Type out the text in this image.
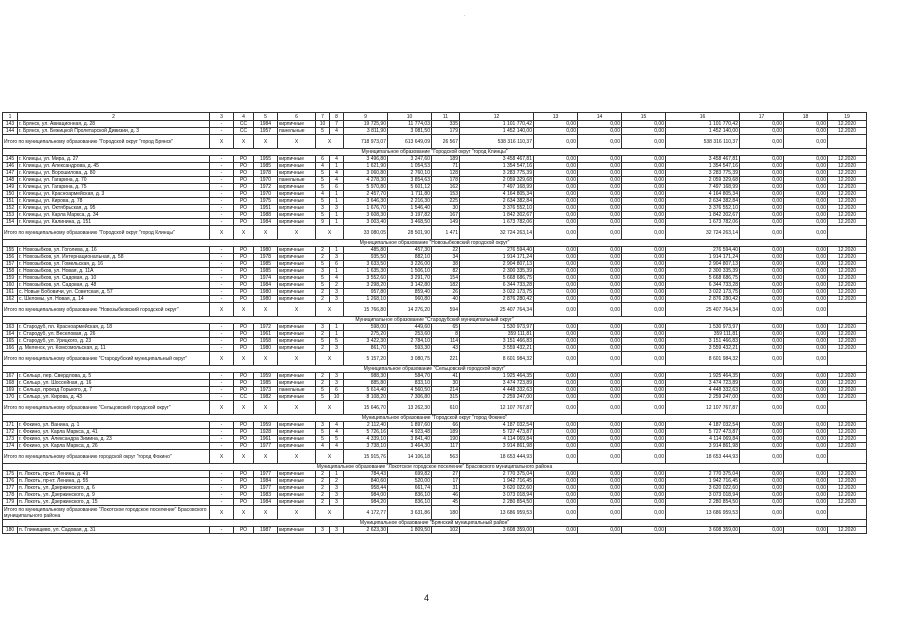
·
1	2	3	4	5	6	7	8	9	10	11	12	13	14	15	16	17	18	19
143	г. Брянск, ул. Авиационная, д. 28	-	СС	1984	кирпичные	10	7	19 725,90	11 774,03	335	1 101 770,42	0,00	0,00	0,00	1 101 770,42	0,00	0,00	12.2020
144	г. Брянск, ул. Бежицкой Пролетарской Дивизии, д. 3	-	СС	1957	панельные	5	4	3 811,90	3 081,50	179	1 452 140,00	0,00	0,00	0,00	1 452 140,00	0,00	0,00	12.2020
Итого по муниципальному образованию "Городской округ "город Брянск"		X	X	X	X	X		718 973,07	613 649,09	26 567	538 316 110,37	0,00	0,00	0,00	538 316 110,37	0,00	0,00	
Муниципальное образование "Городской округ "город Клинцы"																		
145	г. Клинцы, ул. Мира, д. 27	-	РО	1955	кирпичные	6	4	3 496,80	3 247,60	189	3 458 467,81	0,00	0,00	0,00	3 458 467,81	0,00	0,00	12.2020
146	г. Клинцы, ул. Александрова, д. 45	-	РО	1985	кирпичные	4	1	1 621,90	1 054,53	71	1 354 547,16	0,00	0,00	0,00	1 354 547,16	0,00	0,00	12.2020
147	г. Клинцы, ул. Ворошилова, д. 80	-	РО	1978	кирпичные	5	4	3 060,80	2 760,10	128	3 283 775,39	0,00	0,00	0,00	3 283 775,39	0,00	0,00	12.2020
148	г. Клинцы, ул. Гагарина, д. 70	-	РО	1970	панельные	5	4	4 278,30	3 854,63	178	2 059 329,68	0,00	0,00	0,00	2 059 329,68	0,00	0,00	12.2020
149	г. Клинцы, ул. Гагарина, д. 75	-	РО	1972	кирпичные	5	6	5 970,80	5 601,12	162	7 497 168,99	0,00	0,00	0,00	7 497 168,99	0,00	0,00	12.2020
150	г. Клинцы, ул. Красноармейская, д. 3	-	РО	1970	кирпичные	4	1	2 457,70	1 711,80	153	4 164 805,34	0,00	0,00	0,00	4 164 805,34	0,00	0,00	12.2020
151	г. Клинцы, ул. Кирова, д. 78	-	РО	1975	кирпичные	5	1	3 646,30	2 216,30	225	2 634 382,84	0,00	0,00	0,00	2 634 382,84	0,00	0,00	12.2020
152	г. Клинцы, ул. Октябрьская, д. 95	-	РО	1951	кирпичные	3	3	1 676,70	1 546,40	30	3 376 552,10	0,00	0,00	0,00	3 376 552,10	0,00	0,00	12.2020
153	г. Клинцы, ул. Карла Маркса, д. 34	-	РО	1988	кирпичные	5	1	3 608,30	3 197,82	167	1 842 302,67	0,00	0,00	0,00	1 842 302,67	0,00	0,00	12.2020
154	г. Клинцы, ул. Калинина, д. 151	-	РО	1984	кирпичные	9	1	3 003,40	3 468,50	149	1 673 782,06	0,00	0,00	0,00	1 673 782,06	0,00	0,00	12.2020
Итого по муниципальному образованию "Городской округ "город Клинцы"		X	X	X	X	X		33 080,05	28 501,90	1 471	32 724 263,14	0,00	0,00	0,00	32 724 263,14	0,00	0,00	
Муниципальное образование "Новозыбковский городской округ"																		
155	г. Новозыбков, ул. Гоголева, д. 16	-	РО	1980	кирпичные	2	1	485,80	457,30	22	276 594,40	0,00	0,00	0,00	276 594,40	0,00	0,00	12.2020
156	г. Новозыбков, ул. Интернациональная, д. 58	-	РО	1978	кирпичные	2	3	935,50	882,10	34	1 914 171,24	0,00	0,00	0,00	1 914 171,24	0,00	0,00	12.2020
157	г. Новозыбков, ул. Гомельская, д. 16	-	РО	1985	кирпичные	5	6	3 633,50	3 226,00	38	2 904 807,13	0,00	0,00	0,00	2 904 807,13	0,00	0,00	12.2020
158	г. Новозыбков, ул. Новая, д. 11А	-	РО	1985	кирпичные	3	1	1 635,30	1 506,10	82	2 300 335,39	0,00	0,00	0,00	2 300 335,39	0,00	0,00	12.2020
159	г. Новозыбков, ул. Садовая, д. 10	-	РО	1974	кирпичные	5	4	3 552,60	3 291,70	154	5 668 686,75	0,00	0,00	0,00	5 668 686,75	0,00	0,00	12.2020
160	г. Новозыбков, ул. Садовая, д. 48	-	РО	1984	кирпичные	5	2	3 298,20	3 142,80	182	6 344 733,28	0,00	0,00	0,00	6 344 733,28	0,00	0,00	12.2020
161	с. Новые Бобовичи, ул. Советская, д. 57	-	РО	1980	кирпичные	2	3	957,80	859,40	26	3 022 173,75	0,00	0,00	0,00	3 022 173,75	0,00	0,00	12.2020
162	с. Шеломы, ул. Новая, д. 14	-	РО	1980	кирпичные	2	3	1 268,10	960,80	40	2 876 280,42	0,00	0,00	0,00	2 876 280,42	0,00	0,00	12.2020
Итого по муниципальному образованию "Новозыбковский городской округ"		X	X	X	X	X		15 766,80	14 276,20	594	25 407 764,34	0,00	0,00	0,00	25 407 764,34	0,00	0,00	
Муниципальное образование "Стародубский муниципальный округ"																		
163	г. Стародуб, пл. Красноармейская, д. 18	-	РО	1972	кирпичные	3	1	598,00	449,60	65	1 530 973,97	0,00	0,00	0,00	1 530 973,97	0,00	0,00	12.2020
164	г. Стародуб, ул. Веселовая, д. 26	-	РО	1961	кирпичные	2	1	275,20	253,60	8	359 111,81	0,00	0,00	0,00	359 111,81	0,00	0,00	12.2020
165	г. Стародуб, ул. Урицкого, д. 23	-	РО	1958	кирпичные	5	5	3 422,30	2 784,10	114	3 151 466,83	0,00	0,00	0,00	3 151 466,83	0,00	0,00	12.2020
166	д. Меленск, ул. Комсомольская, д. 11	-	РО	1980	кирпичные	2	3	861,70	593,30	43	3 559 432,21	0,00	0,00	0,00	3 559 432,21	0,00	0,00	12.2020
Итого по муниципальному образованию "Стародубский муниципальный округ"		X	X	X	X	X		5 157,20	3 080,75	221	8 601 984,32	0,00	0,00	0,00	8 601 984,32	0,00	0,00	
Муниципальное образование "Сельцовский городской округ"																		
167	г. Сельцо, пер. Свердлова, д. 5	-	РО	1959	кирпичные	2	3	988,30	584,70	41	1 925 464,35	0,00	0,00	0,00	1 925 464,35	0,00	0,00	12.2020
168	г. Сельцо, ул. Шоссейная, д. 16	-	РО	1985	кирпичные	2	3	885,80	833,10	30	3 474 723,89	0,00	0,00	0,00	3 474 723,89	0,00	0,00	12.2020
169	г. Сельцо, проезд Горького, д. 7	-	РО	1973	панельные	5	6	5 614,40	4 560,50	214	4 448 332,63	0,00	0,00	0,00	4 448 332,63	0,00	0,00	12.2020
170	г. Сельцо, ул. Кирова, д. 43	-	СС	1982	кирпичные	5	10	8 108,20	7 306,80	315	2 259 247,00	0,00	0,00	0,00	2 259 247,00	0,00	0,00	12.2020
Итого по муниципальному образованию "Сельцовский городской округ"		X	X	X	X	X		15 646,70	13 262,30	610	12 107 767,87	0,00	0,00	0,00	12 107 767,87	0,00	0,00	
Муниципальное образование "Городской округ "город Фокино"																		
171	г. Фокино, ул. Ванина, д. 1	-	РО	1959	кирпичные	3	4	2 112,40	1 897,60	66	4 187 032,54	0,00	0,00	0,00	4 187 032,54	0,00	0,00	12.2020
172	г. Фокино, ул. Карла Маркса, д. 41	-	РО	1928	кирпичные	5	4	5 726,16	4 923,48	189	5 727 473,87	0,00	0,00	0,00	5 727 473,87	0,00	0,00	12.2020
173	г. Фокино, ул. Александра Зимина, д. 23	-	РО	1961	кирпичные	5	5	4 339,10	3 841,40	190	4 114 069,84	0,00	0,00	0,00	4 114 069,84	0,00	0,00	12.2020
174	г. Фокино, ул. Карла Маркса, д. 26	-	РО	1977	кирпичные	4	4	3 738,10	3 464,30	117	3 914 861,98	0,00	0,00	0,00	3 914 861,98	0,00	0,00	12.2020
Итого по муниципальному образованию городской округ "город Фокино"		X	X	X	X	X		15 915,76	14 106,18	563	18 653 444,93	0,00	0,00	0,00	18 653 444,93	0,00	0,00	
Муниципальное образование "Локотское городское поселение" Брасовского муниципального района																		
175	п. Локоть, пр-кт. Ленина, д. 49	-	РО	1977	кирпичные	2	1	784,43	699,82	27	2 770 375,04	0,00	0,00	0,00	2 770 375,04	0,00	0,00	12.2020
176	п. Локоть, пр-кт. Ленина, д. 55	-	РО	1984	кирпичные	2	2	840,60	520,00	17	1 942 716,45	0,00	0,00	0,00	1 942 716,45	0,00	0,00	12.2020
177	п. Локоть, ул. Дзержинского, д. 6	-	РО	1977	кирпичные	2	3	958,44	661,74	31	3 620 022,60	0,00	0,00	0,00	3 620 022,60	0,00	0,00	12.2020
178	п. Локоть, ул. Дзержинского, д. 9	-	РО	1983	кирпичные	2	3	984,00	836,10	46	3 073 018,94	0,00	0,00	0,00	3 073 018,94	0,00	0,00	12.2020
179	п. Локоть, ул. Дзержинского, д. 15	-	РО	1984	кирпичные	2	3	984,20	836,10	45	2 280 854,50	0,00	0,00	0,00	2 280 854,50	0,00	0,00	12.2020
Итого по муниципальному образованию "Локотское городское поселение" Брасовского муниципального района		X	X	X	X	X		4 172,77	3 631,86	180	13 686 959,53	0,00	0,00	0,00	13 686 959,53	0,00	0,00	
Муниципальное образование "Брянский муниципальный район"																		
180	п. Глинищево, ул. Садовая, д. 31	-	РО	1987	кирпичные	3	3	2 623,30	1 809,50	102	3 608 359,00	0,00	0,00	0,00	3 608 359,00	0,00	0,00	12.2020
4
